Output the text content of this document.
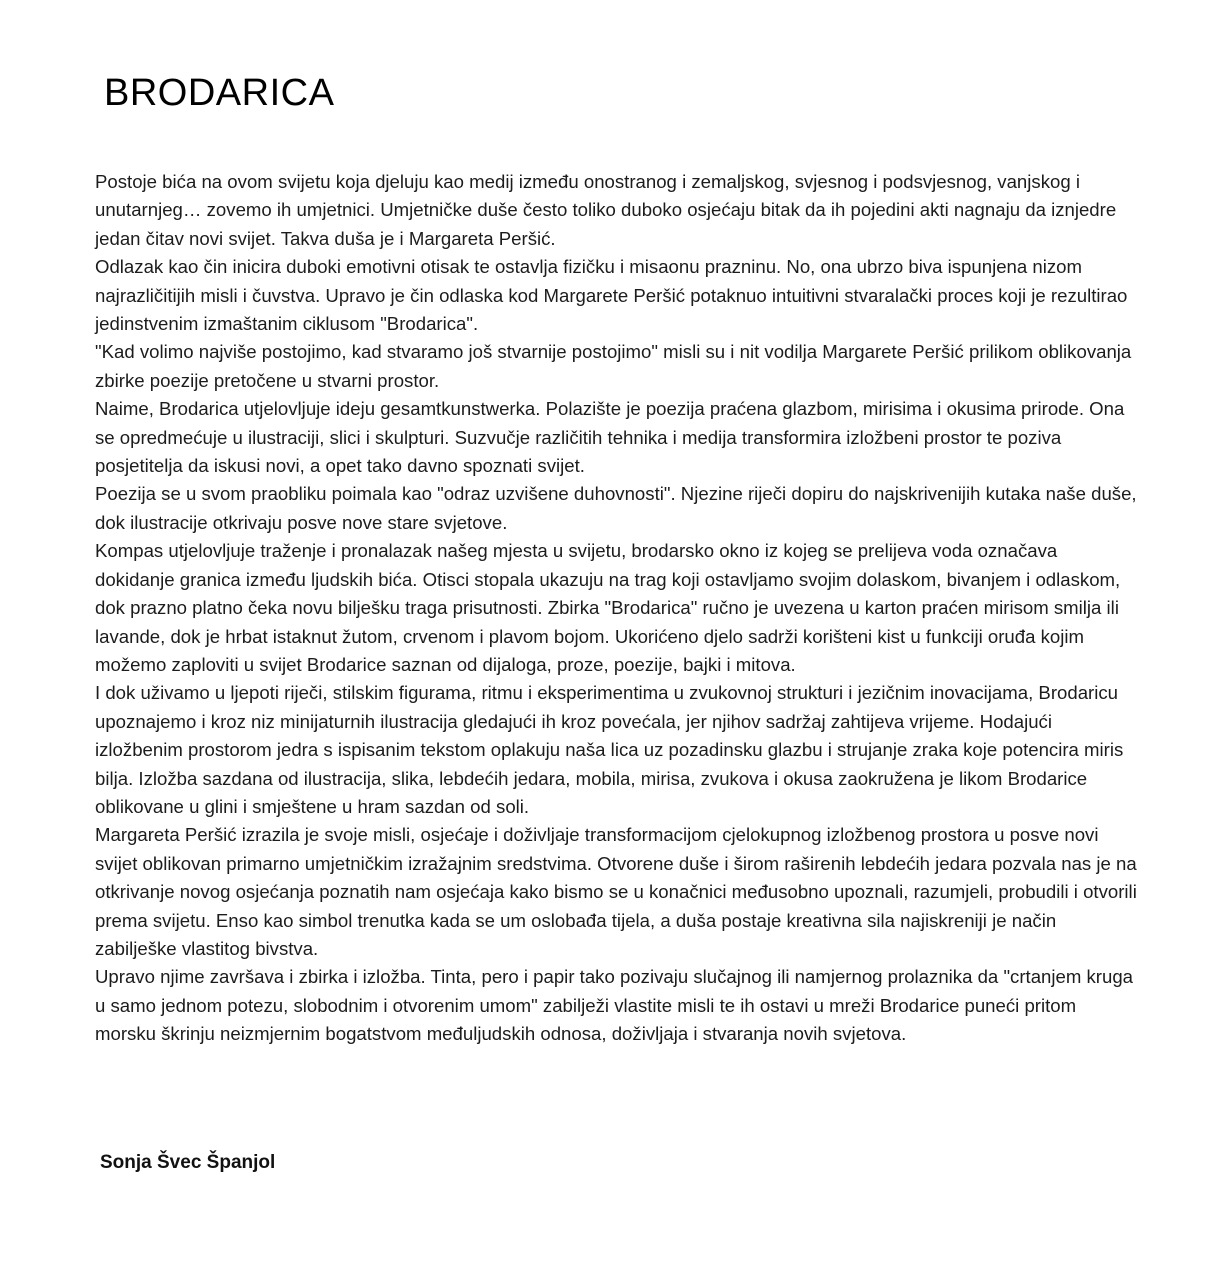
BRODARICA

Postoje bića na ovom svijetu koja djeluju kao medij između onostranog i zemaljskog, svjesnog i podsvjesnog, vanjskog i unutarnjeg… zovemo ih umjetnici. Umjetničke duše često toliko duboko osjećaju bitak da ih pojedini akti nagnaju da iznjedre jedan čitav novi svijet. Takva duša je i Margareta Peršić.

Odlazak kao čin inicira duboki emotivni otisak te ostavlja fizičku i misaonu prazninu. No, ona ubrzo biva ispunjena nizom najrazličitijih misli i čuvstva. Upravo je čin odlaska kod Margarete Peršić potaknuo intuitivni stvaralački proces koji je rezultirao jedinstvenim izmaštanim ciklusom "Brodarica".

"Kad volimo najviše postojimo, kad stvaramo još stvarnije postojimo" misli su i nit vodilja Margarete Peršić prilikom oblikovanja zbirke poezije pretočene u stvarni prostor.

Naime, Brodarica utjelovljuje ideju gesamtkunstwerka. Polazište je poezija praćena glazbom, mirisima i okusima prirode. Ona se opredmećuje u ilustraciji, slici i skulpturi. Suzvučje različitih tehnika i medija transformira izložbeni prostor te poziva posjetitelja da iskusi novi, a opet tako davno spoznati svijet.

Poezija se u svom praobliku poimala kao "odraz uzvišene duhovnosti". Njezine riječi dopiru do najskrivenijih kutaka naše duše, dok ilustracije otkrivaju posve nove stare svjetove.

Kompas utjelovljuje traženje i pronalazak našeg mjesta u svijetu, brodarsko okno iz kojeg se prelijeva voda označava dokidanje granica između ljudskih bića. Otisci stopala ukazuju na trag koji ostavljamo svojim dolaskom, bivanjem i odlaskom, dok prazno platno čeka novu bilješku traga prisutnosti. Zbirka "Brodarica" ručno je uvezena u karton praćen mirisom smilja ili lavande, dok je hrbat istaknut žutom, crvenom i plavom bojom. Ukorićeno djelo sadrži korišteni kist u funkciji oruđa kojim možemo zaploviti u svijet Brodarice saznan od dijaloga, proze, poezije, bajki i mitova.

I dok uživamo u ljepoti riječi, stilskim figurama, ritmu i eksperimentima u zvukovnoj strukturi i jezičnim inovacijama, Brodaricu upoznajemo i kroz niz minijaturnih ilustracija gledajući ih kroz povećala, jer njihov sadržaj zahtijeva vrijeme. Hodajući izložbenim prostorom jedra s ispisanim tekstom oplakuju naša lica uz pozadinsku glazbu i strujanje zraka koje potencira miris bilja. Izložba sazdana od ilustracija, slika, lebdećih jedara, mobila, mirisa, zvukova i okusa zaokružena je likom Brodarice oblikovane u glini i smještene u hram sazdan od soli.

Margareta Peršić izrazila je svoje misli, osjećaje i doživljaje transformacijom cjelokupnog izložbenog prostora u posve novi svijet oblikovan primarno umjetničkim izražajnim sredstvima. Otvorene duše i širom raširenih lebdećih jedara pozvala nas je na otkrivanje novog osjećanja poznatih nam osjećaja kako bismo se u konačnici međusobno upoznali, razumjeli, probudili i otvorili prema svijetu. Enso kao simbol trenutka kada se um oslobađa tijela, a duša postaje kreativna sila najiskreniji je način zabilješke vlastitog bivstva.

Upravo njime završava i zbirka i izložba. Tinta, pero i papir tako pozivaju slučajnog ili namjernog prolaznika da "crtanjem kruga u samo jednom potezu, slobodnim i otvorenim umom" zabilježi vlastite misli te ih ostavi u mreži Brodarice puneći pritom morsku škrinju neizmjernim bogatstvom međuljudskih odnosa, doživljaja i stvaranja novih svjetova.

Sonja Švec Španjol
